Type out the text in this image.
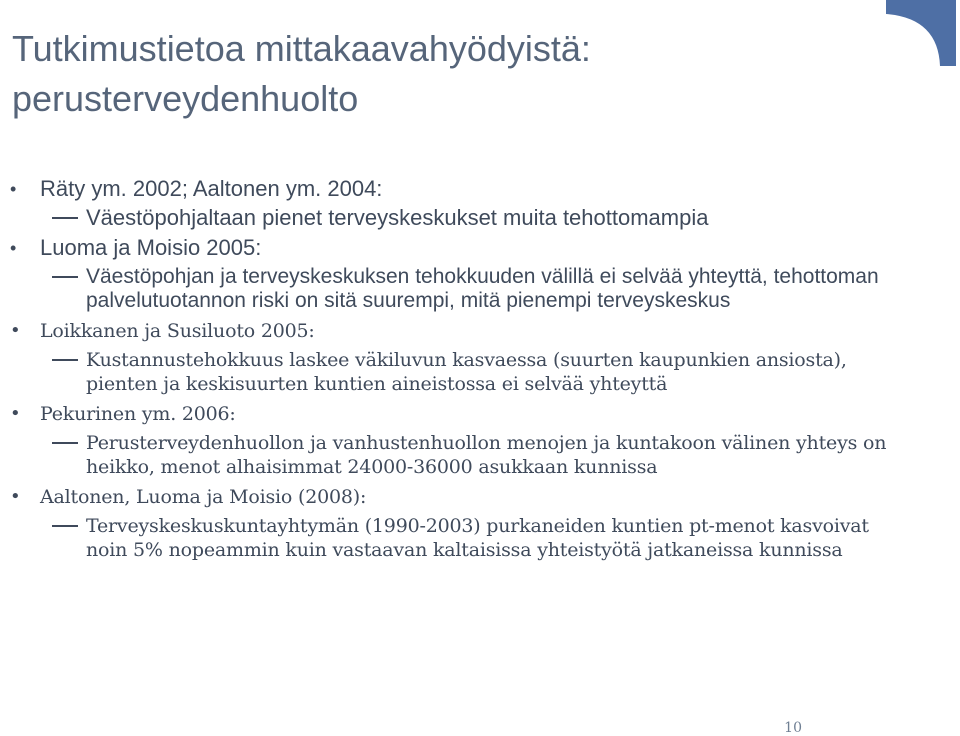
Tutkimustietoa mittakaavahyödyistä:
perusterveydenhuolto
•	Räty ym. 2002; Aaltonen ym. 2004:
Väestöpohjaltaan pienet terveyskeskukset muita tehottomampia
•	Luoma ja Moisio 2005:
Väestöpohjan ja terveyskeskuksen tehokkuuden välillä ei selvää yhteyttä, tehottoman palvelutuotannon riski on sitä suurempi, mitä pienempi terveyskeskus
• Loikkanen ja Susiluoto 2005:
Kustannustehokkuus laskee väkiluvun kasvaessa (suurten kaupunkien ansiosta), pienten ja keskisuurten kuntien aineistossa ei selvää yhteyttä
• Pekurinen ym. 2006:
Perusterveydenhuollon ja vanhustenhuollon menojen ja kuntakoon välinen yhteys on heikko, menot alhaisimmat 24000-36000 asukkaan kunnissa
• Aaltonen, Luoma ja Moisio (2008):
Terveyskeskuskuntayhtymän (1990-2003) purkaneiden kuntien pt-menot kasvoivat noin 5% nopeammin kuin vastaavan kaltaisissa yhteistyötä jatkaneissa kunnissa
10
